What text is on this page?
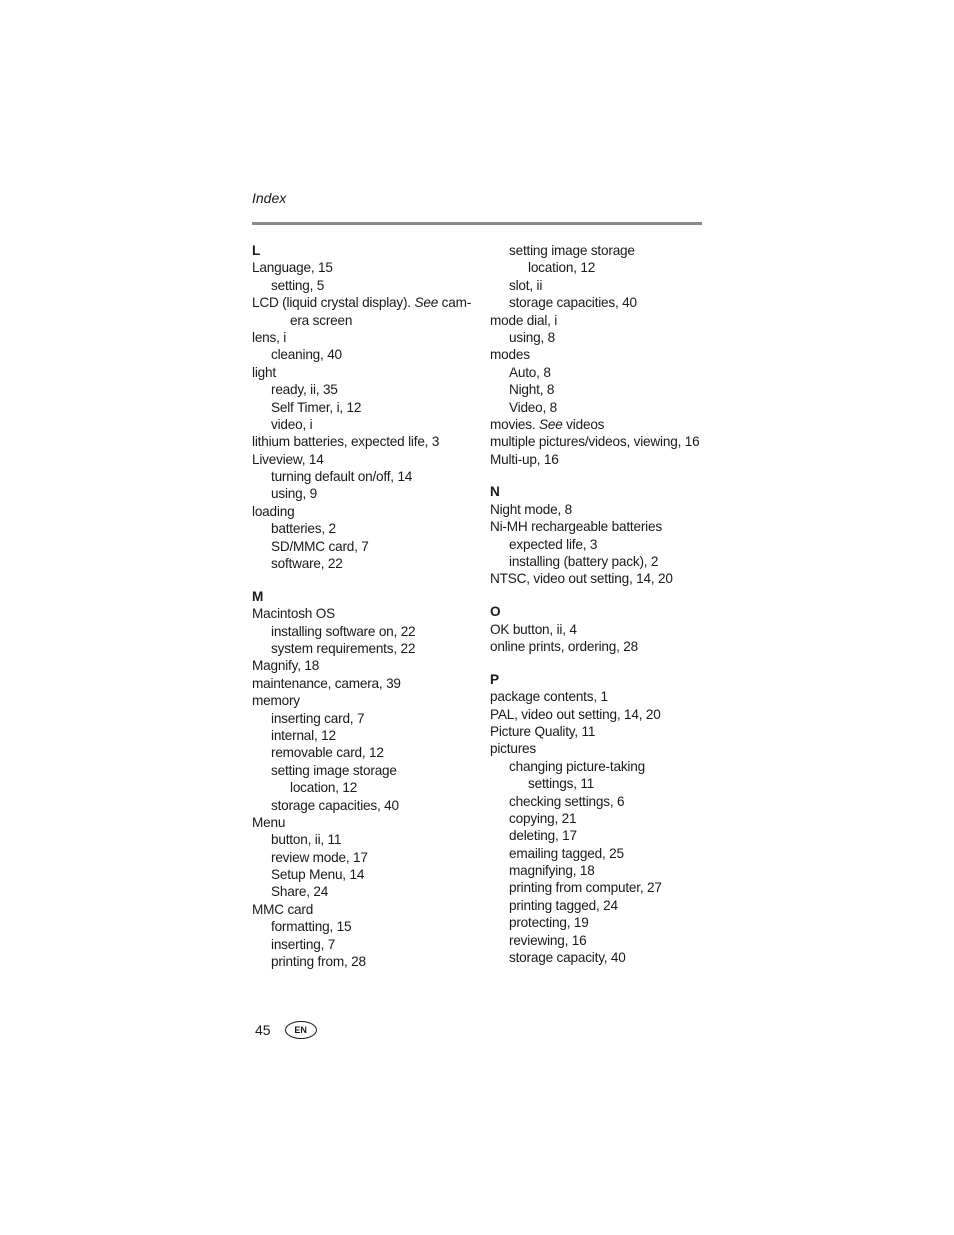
Index
L
Language, 15
setting, 5
LCD (liquid crystal display). See cam-
era screen
lens, i
cleaning, 40
light
ready, ii, 35
Self Timer, i, 12
video, i
lithium batteries, expected life, 3
Liveview, 14
turning default on/off, 14
using, 9
loading
batteries, 2
SD/MMC card, 7
software, 22
M
Macintosh OS
installing software on, 22
system requirements, 22
Magnify, 18
maintenance, camera, 39
memory
inserting card, 7
internal, 12
removable card, 12
setting image storage
location, 12
storage capacities, 40
Menu
button, ii, 11
review mode, 17
Setup Menu, 14
Share, 24
MMC card
formatting, 15
inserting, 7
printing from, 28
setting image storage
location, 12
slot, ii
storage capacities, 40
mode dial, i
using, 8
modes
Auto, 8
Night, 8
Video, 8
movies. See videos
multiple pictures/videos, viewing, 16
Multi-up, 16
N
Night mode, 8
Ni-MH rechargeable batteries
expected life, 3
installing (battery pack), 2
NTSC, video out setting, 14, 20
O
OK button, ii, 4
online prints, ordering, 28
P
package contents, 1
PAL, video out setting, 14, 20
Picture Quality, 11
pictures
changing picture-taking
settings, 11
checking settings, 6
copying, 21
deleting, 17
emailing tagged, 25
magnifying, 18
printing from computer, 27
printing tagged, 24
protecting, 19
reviewing, 16
storage capacity, 40
45	EN
